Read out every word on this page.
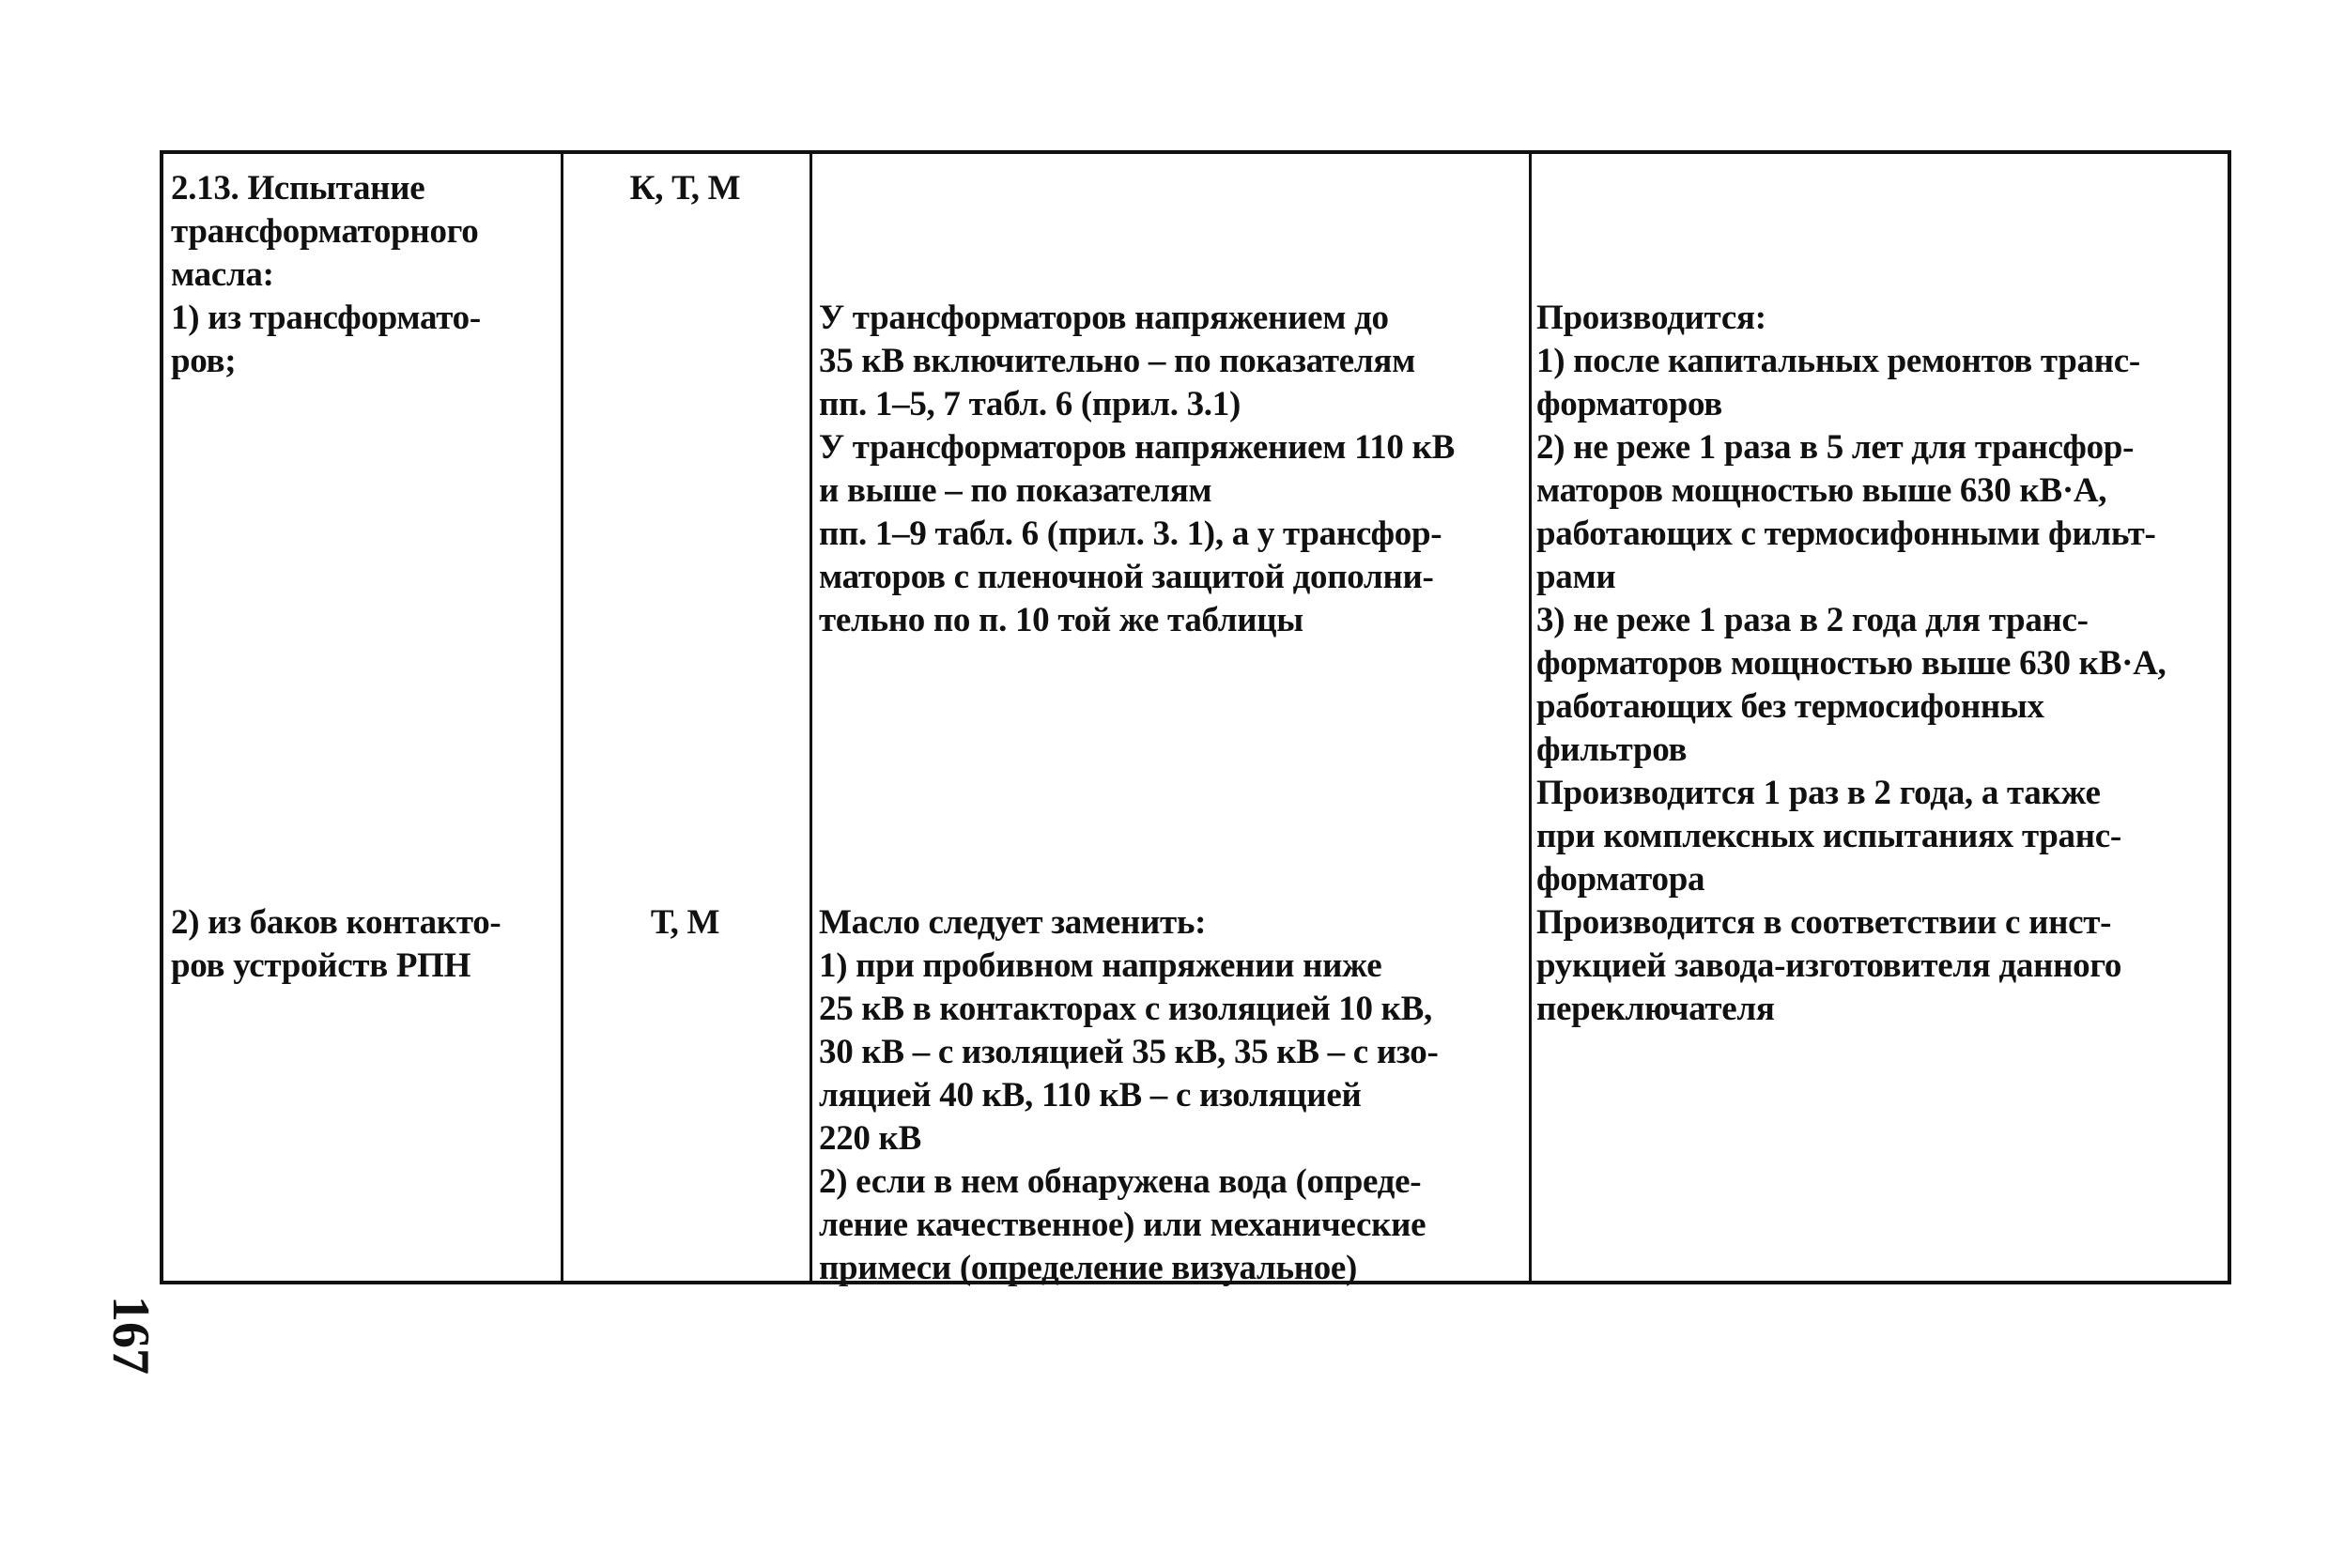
2.13. Испытание
трансформаторного
масла:
1) из трансформато-
ров;
К, Т, М
У трансформаторов напряжением до
35 кВ включительно – по показателям
пп. 1–5, 7 табл. 6 (прил. 3.1)
У трансформаторов напряжением 110 кВ
и выше – по показателям
пп. 1–9 табл. 6 (прил. 3. 1), а у трансфор-
маторов с пленочной защитой дополни-
тельно по п. 10 той же таблицы
Производится:
1) после капитальных ремонтов транс-
форматоров
2) не реже 1 раза в 5 лет для трансфор-
маторов мощностью выше 630 кВ·А,
работающих с термосифонными фильт-
рами
3) не реже 1 раза в 2 года для транс-
форматоров мощностью выше 630 кВ·А,
работающих без термосифонных
фильтров
Производится 1 раз в 2 года, а также
при комплексных испытаниях транс-
форматора
2) из баков контакто-
ров устройств РПН
Т, М	Масло следует заменить:
1) при пробивном напряжении ниже
25 кВ в контакторах с изоляцией 10 кВ,
30 кВ – с изоляцией 35 кВ, 35 кВ – с изо-
ляцией 40 кВ, 110 кВ – с изоляцией
220 кВ
2) если в нем обнаружена вода (опреде-
ление качественное) или механические
примеси (определение визуальное)
Производится в соответствии с инст-
рукцией завода-изготовителя данного
переключателя
167
